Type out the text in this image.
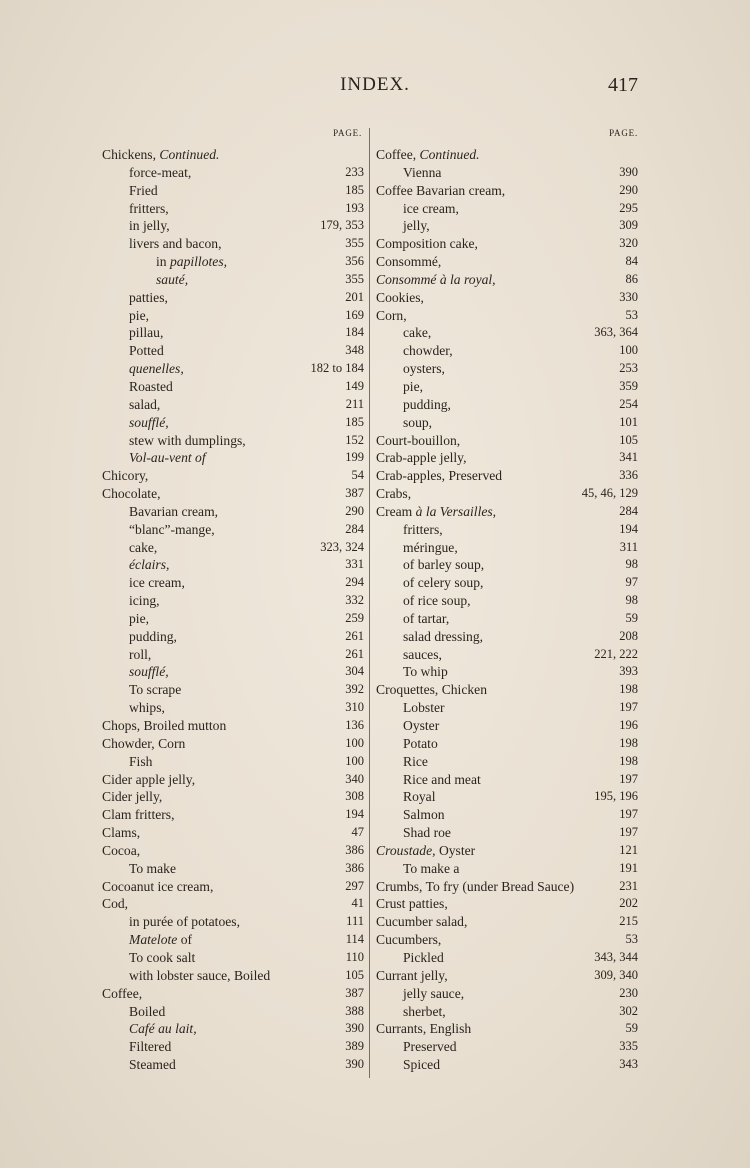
INDEX.	417
PAGE.	PAGE.
Chickens, Continued.
force-meat,	233
Fried	185
fritters,	193
in jelly,	179, 353
livers and bacon,	355
in papillotes,	356
sauté,	355
patties,	201
pie,	169
pillau,	184
Potted	348
quenelles,	182 to 184
Roasted	149
salad,	211
soufflé,	185
stew with dumplings,	152
Vol-au-vent of	199
Chicory,	54
Chocolate,	387
Bavarian cream,	290
“blanc”-mange,	284
cake,	323, 324
éclairs,	331
ice cream,	294
icing,	332
pie,	259
pudding,	261
roll,	261
soufflé,	304
To scrape	392
whips,	310
Chops, Broiled mutton	136
Chowder, Corn	100
Fish	100
Cider apple jelly,	340
Cider jelly,	308
Clam fritters,	194
Clams,	47
Cocoa,	386
To make	386
Cocoanut ice cream,	297
Cod,	41
in purée of potatoes,	111
Matelote of	114
To cook salt	110
with lobster sauce, Boiled	105
Coffee,	387
Boiled	388
Café au lait,	390
Filtered	389
Steamed	390
Coffee, Continued.
Vienna	390
Coffee Bavarian cream,	290
ice cream,	295
jelly,	309
Composition cake,	320
Consommé,	84
Consommé à la royal,	86
Cookies,	330
Corn,	53
cake,	363, 364
chowder,	100
oysters,	253
pie,	359
pudding,	254
soup,	101
Court-bouillon,	105
Crab-apple jelly,	341
Crab-apples, Preserved	336
Crabs,	45, 46, 129
Cream à la Versailles,	284
fritters,	194
méringue,	311
of barley soup,	98
of celery soup,	97
of rice soup,	98
of tartar,	59
salad dressing,	208
sauces,	221, 222
To whip	393
Croquettes, Chicken	198
Lobster	197
Oyster	196
Potato	198
Rice	198
Rice and meat	197
Royal	195, 196
Salmon	197
Shad roe	197
Croustade, Oyster	121
To make a	191
Crumbs, To fry (under Bread Sauce)	231
Crust patties,	202
Cucumber salad,	215
Cucumbers,	53
Pickled	343, 344
Currant jelly,	309, 340
jelly sauce,	230
sherbet,	302
Currants, English	59
Preserved	335
Spiced	343
